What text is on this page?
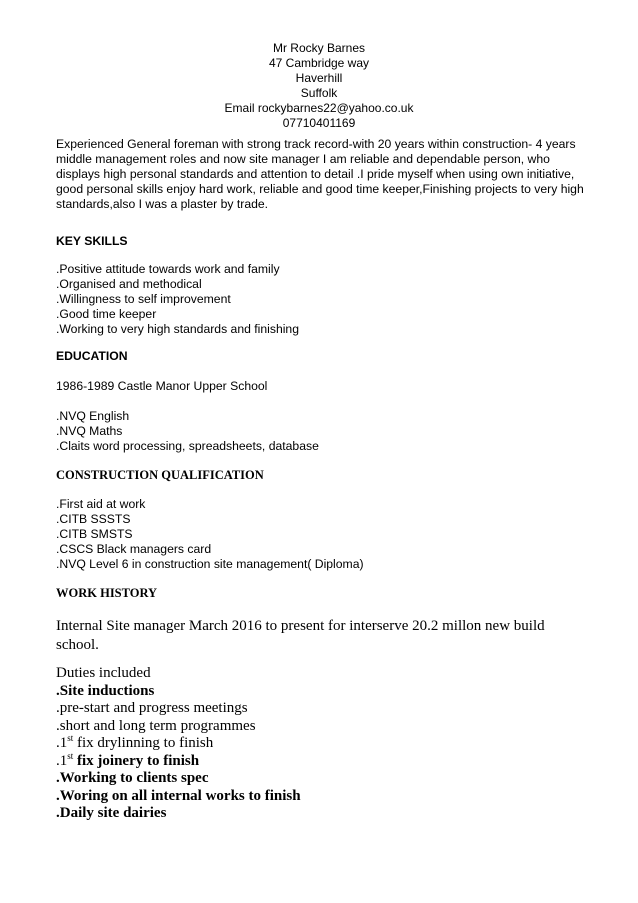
Mr Rocky Barnes
47 Cambridge way
Haverhill
Suffolk
Email rockybarnes22@yahoo.co.uk
07710401169
Experienced General foreman with strong track record-with 20 years within construction- 4 years middle management roles and now site manager I am reliable and dependable person, who displays high personal standards and attention to detail .I pride myself when using own initiative, good personal skills enjoy hard work, reliable and good time keeper,Finishing projects to very high standards,also I was a plaster by trade.
KEY SKILLS
.Positive attitude towards work and family
.Organised and methodical
.Willingness to self improvement
.Good time keeper
.Working to very high standards and finishing
EDUCATION
1986-1989 Castle Manor Upper School
.NVQ English
.NVQ Maths
.Claits word processing, spreadsheets, database
CONSTRUCTION QUALIFICATION
.First aid at work
.CITB SSSTS
.CITB SMSTS
.CSCS Black managers card
.NVQ Level 6 in construction site management( Diploma)
WORK HISTORY
Internal Site manager March 2016 to present for interserve 20.2 millon new build school.
Duties included
.Site inductions
.pre-start and progress meetings
.short and long term programmes
.1st fix drylinning to finish
.1st fix joinery to finish
.Working to clients spec
.Woring on all internal works to finish
.Daily site dairies
